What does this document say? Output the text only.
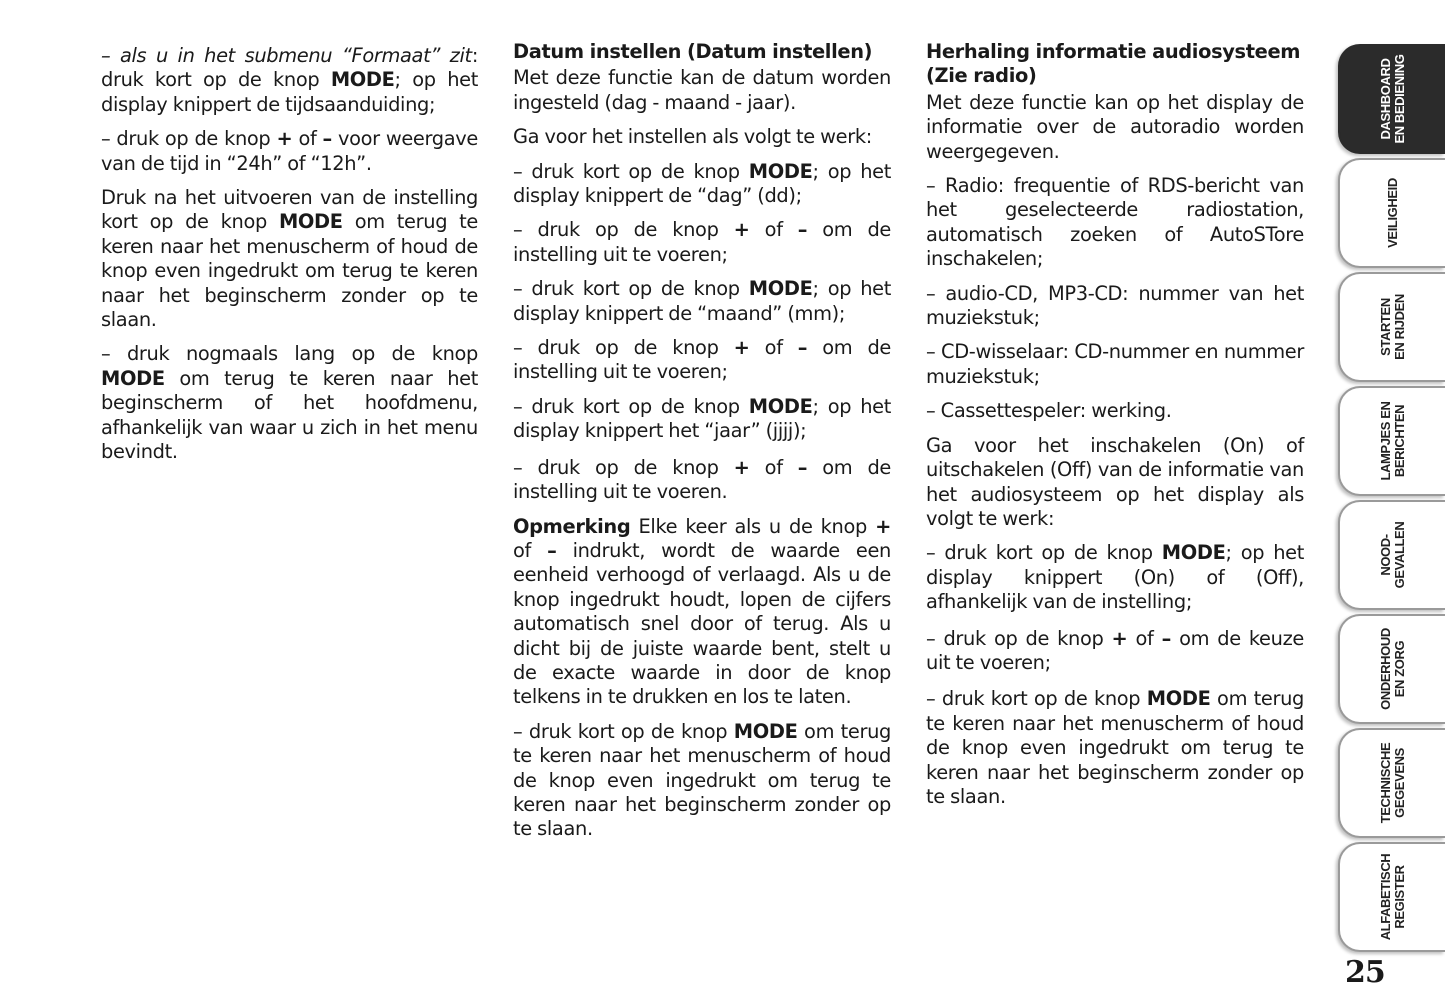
– als u in het submenu “Formaat” zit: druk kort op de knop MODE; op het display knippert de tijdsaanduiding;

– druk op de knop + of – voor weergave van de tijd in “24h” of “12h”.

Druk na het uitvoeren van de instelling kort op de knop MODE om terug te keren naar het menuscherm of houd de knop even ingedrukt om terug te keren naar het beginscherm zonder op te slaan.

– druk nogmaals lang op de knop MODE om terug te keren naar het beginscherm of het hoofdmenu, afhankelijk van waar u zich in het menu bevindt.

Datum instellen (Datum instellen)

Met deze functie kan de datum worden ingesteld (dag - maand - jaar).

Ga voor het instellen als volgt te werk:

– druk kort op de knop MODE; op het display knippert de “dag” (dd);

– druk op de knop + of – om de instelling uit te voeren;

– druk kort op de knop MODE; op het display knippert de “maand” (mm);

– druk op de knop + of – om de instelling uit te voeren;

– druk kort op de knop MODE; op het display knippert het “jaar” (jjjj);

– druk op de knop + of – om de instelling uit te voeren.

Opmerking Elke keer als u de knop + of – indrukt, wordt de waarde een eenheid verhoogd of verlaagd. Als u de knop ingedrukt houdt, lopen de cijfers automatisch snel door of terug. Als u dicht bij de juiste waarde bent, stelt u de exacte waarde in door de knop telkens in te drukken en los te laten.

– druk kort op de knop MODE om terug te keren naar het menuscherm of houd de knop even ingedrukt om terug te keren naar het beginscherm zonder op te slaan.

Herhaling informatie audiosysteem (Zie radio)

Met deze functie kan op het display de informatie over de autoradio worden weergegeven.

– Radio: frequentie of RDS-bericht van het geselecteerde radiostation, automatisch zoeken of AutoSTore inschakelen;

– audio-CD, MP3-CD: nummer van het muziekstuk;

– CD-wisselaar: CD-nummer en nummer muziekstuk;

– Cassettespeler: werking.

Ga voor het inschakelen (On) of uitschakelen (Off) van de informatie van het audiosysteem op het display als volgt te werk:

– druk kort op de knop MODE; op het display knippert (On) of (Off), afhankelijk van de instelling;

– druk op de knop + of – om de keuze uit te voeren;

– druk kort op de knop MODE om terug te keren naar het menuscherm of houd de knop even ingedrukt om terug te keren naar het beginscherm zonder op te slaan.

DASHBOARD EN BEDIENING
VEILIGHEID
STARTEN EN RIJDEN
LAMPJES EN BERICHTEN
NOOD- GEVALLEN
ONDERHOUD EN ZORG
TECHNISCHE GEGEVENS
ALFABETISCH REGISTER
25
